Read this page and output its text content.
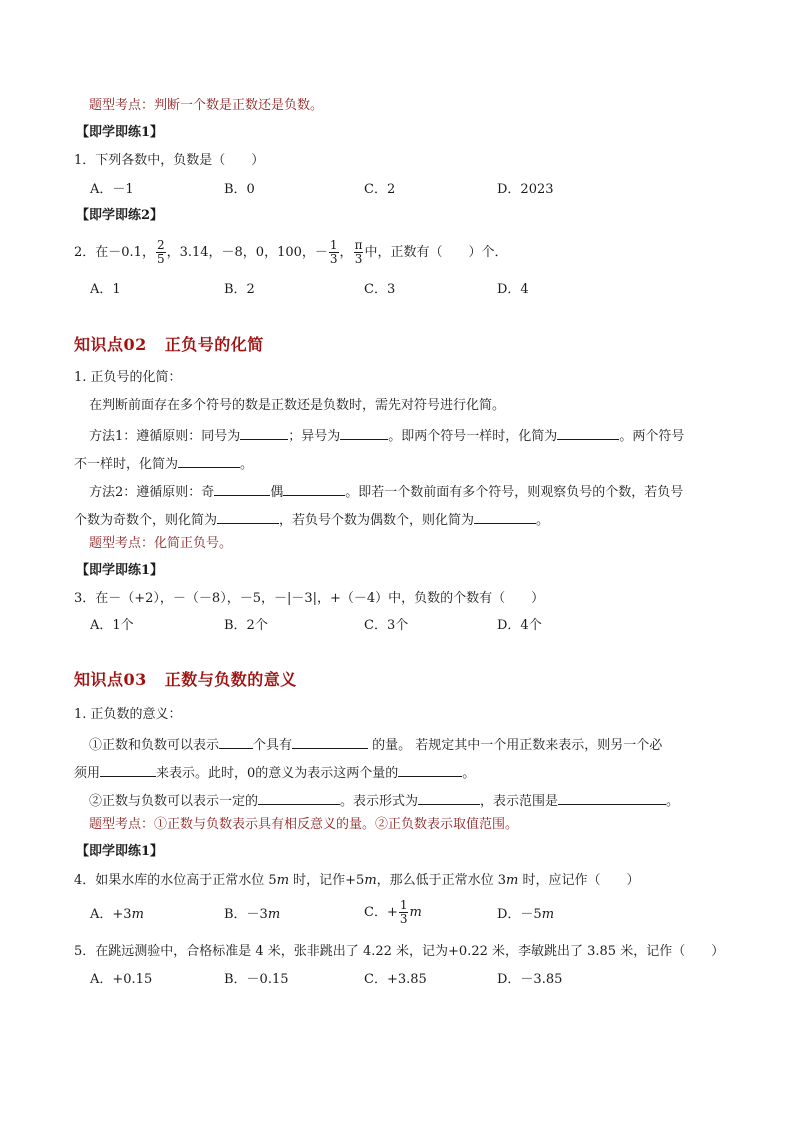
题型考点：判断一个数是正数还是负数。
【即学即练1】
1．下列各数中，负数是（　　）
A．－1	B．0	C．2	D．2023
【即学即练2】
2．在－0.1， $\frac{2}{5}$ ，3.14，－8，0，100，－ $\frac{1}{3}$ ， $\frac{\pi}{3}$ 中，正数有（　　）个．
A．1	B．2	C．3	D．4
知识点02 正负号的化简
1. 正负号的化简：
在判断前面存在多个符号的数是正数还是负数时，需先对符号进行化简。
方法1：遵循原则：同号为	；异号为	。即两个符号一样时，化简为	。两个符号
不一样时，化简为	。
方法2：遵循原则：奇	偶	。即若一个数前面有多个符号，则观察负号的个数，若负号
个数为奇数个，则化简为	，若负号个数为偶数个，则化简为	。
题型考点：化简正负号。
【即学即练1】
3．在－（+2），－（－8），－5，－|－3|，+（－4）中，负数的个数有（　　）
A．1个	B．2个	C．3个	D．4个
知识点03 正数与负数的意义
1. 正负数的意义：
①正数和负数可以表示	个具有	的量。 若规定其中一个用正数来表示，则另一个必
须用	来表示。此时，0的意义为表示这两个量的	。
②正数与负数可以表示一定的	。表示形式为	，表示范围是	。
题型考点：①正数与负数表示具有相反意义的量。②正负数表示取值范围。
【即学即练1】
4．如果水库的水位高于正常水位 5m 时，记作+5m，那么低于正常水位 3m 时，应记作（　　）
A．+3m	B．－3m	C．+ $\frac{1}{3}$ m	D．－5m
5．在跳远测验中，合格标准是 4 米，张非跳出了 4.22 米，记为+0.22 米，李敏跳出了 3.85 米，记作（　　）
A．+0.15	B．－0.15	C．+3.85	D．－3.85
